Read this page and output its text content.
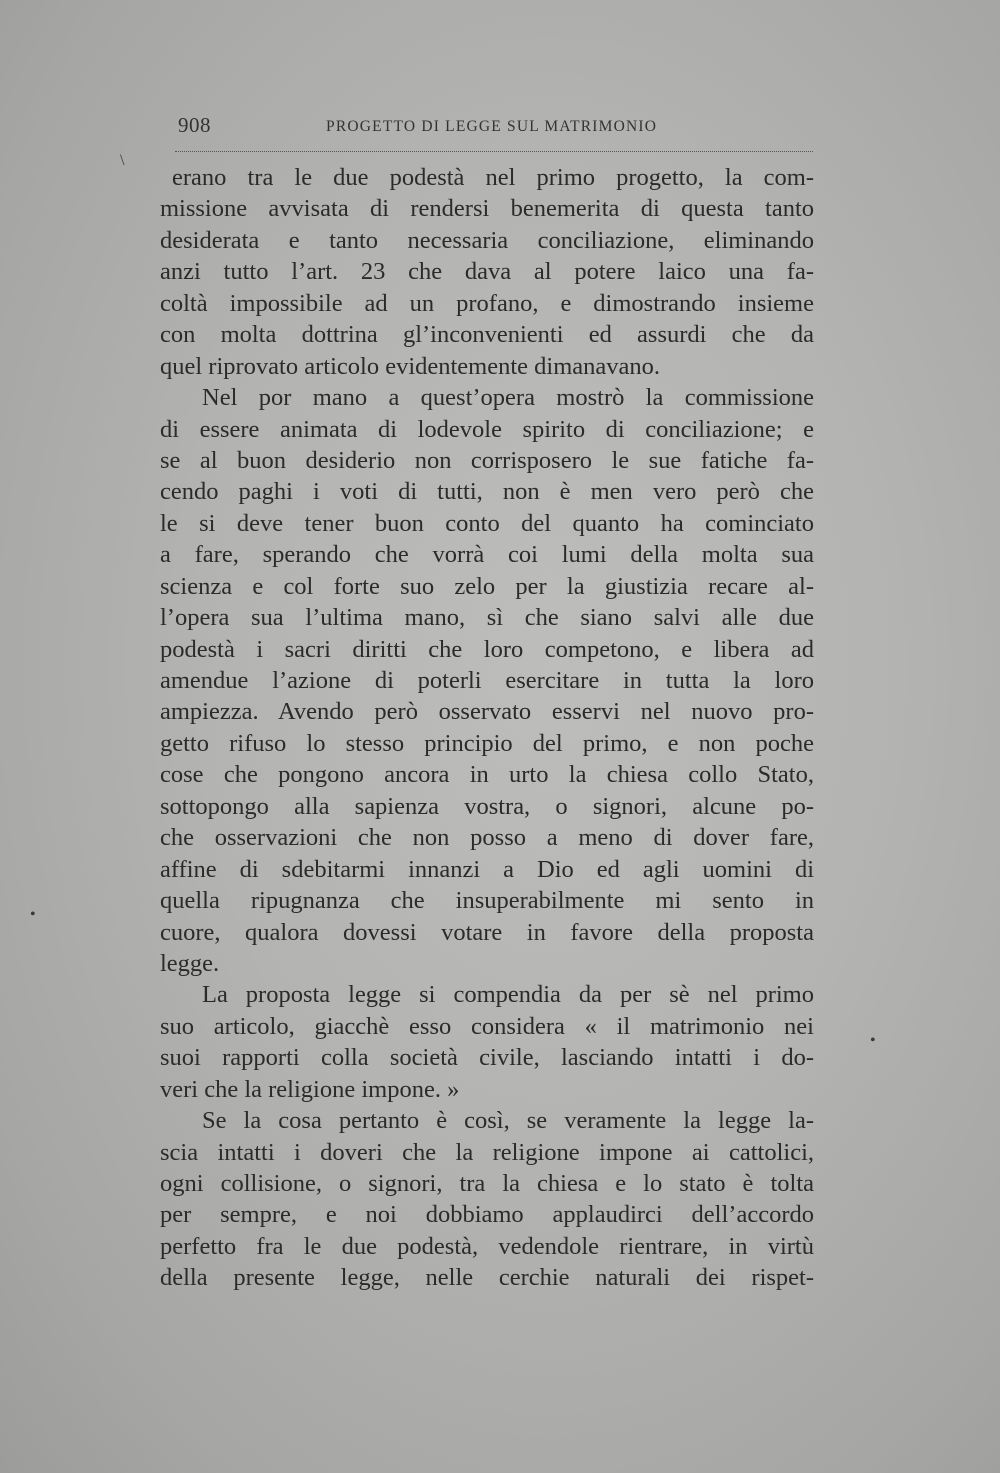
908	PROGETTO DI LEGGE SUL MATRIMONIO
erano tra le due podestà nel primo progetto, la com-
missione avvisata di rendersi benemerita di questa tanto
desiderata e tanto necessaria conciliazione, eliminando
anzi tutto l’art. 23 che dava al potere laico una fa-
coltà impossibile ad un profano, e dimostrando insieme
con molta dottrina gl’inconvenienti ed assurdi che da
quel riprovato articolo evidentemente dimanavano.
Nel por mano a quest’opera mostrò la commissione
di essere animata di lodevole spirito di conciliazione; e
se al buon desiderio non corrisposero le sue fatiche fa-
cendo paghi i voti di tutti, non è men vero però che
le si deve tener buon conto del quanto ha cominciato
a fare, sperando che vorrà coi lumi della molta sua
scienza e col forte suo zelo per la giustizia recare al-
l’opera sua l’ultima mano, sì che siano salvi alle due
podestà i sacri diritti che loro competono, e libera ad
amendue l’azione di poterli esercitare in tutta la loro
ampiezza. Avendo però osservato esservi nel nuovo pro-
getto rifuso lo stesso principio del primo, e non poche
cose che pongono ancora in urto la chiesa collo Stato,
sottopongo alla sapienza vostra, o signori, alcune po-
che osservazioni che non posso a meno di dover fare,
affine di sdebitarmi innanzi a Dio ed agli uomini di
quella ripugnanza che insuperabilmente mi sento in
cuore, qualora dovessi votare in favore della proposta
legge.
La proposta legge si compendia da per sè nel primo
suo articolo, giacchè esso considera « il matrimonio nei
suoi rapporti colla società civile, lasciando intatti i do-
veri che la religione impone. »
Se la cosa pertanto è così, se veramente la legge la-
scia intatti i doveri che la religione impone ai cattolici,
ogni collisione, o signori, tra la chiesa e lo stato è tolta
per sempre, e noi dobbiamo applaudirci dell’accordo
perfetto fra le due podestà, vedendole rientrare, in virtù
della presente legge, nelle cerchie naturali dei rispet-
\
•
•
